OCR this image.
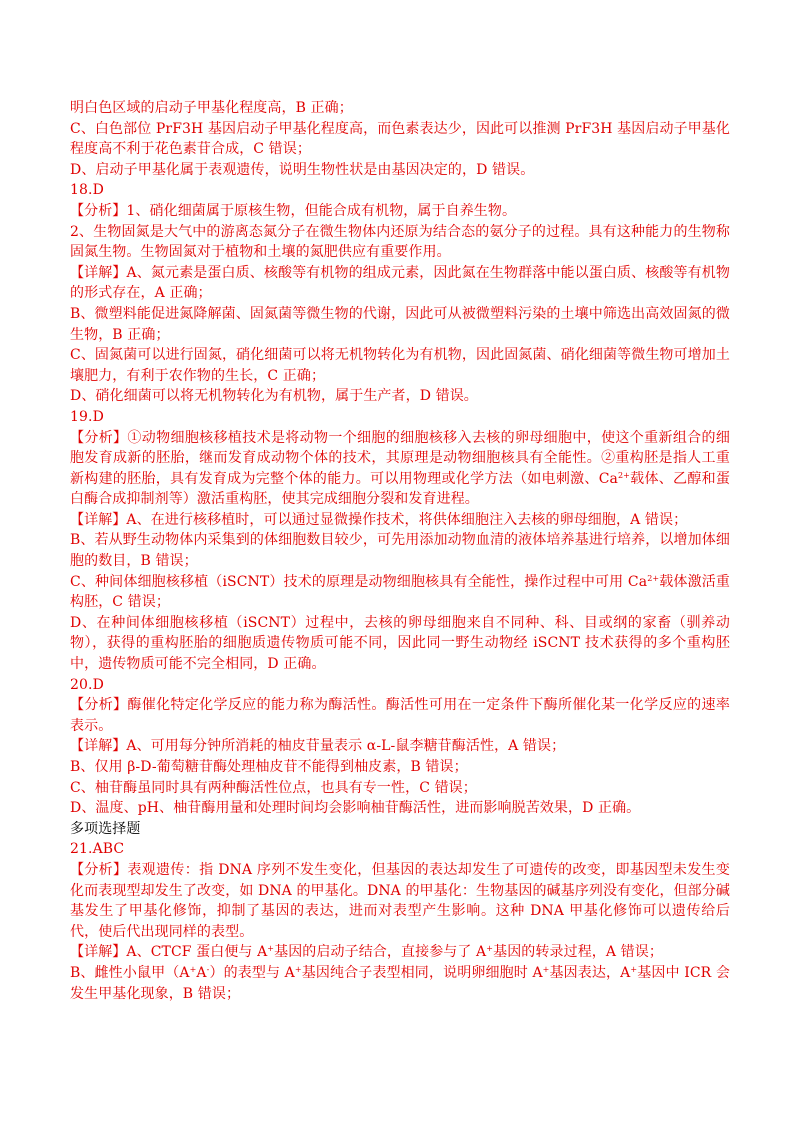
明白色区域的启动子甲基化程度高，B 正确；

C、白色部位 PrF3H 基因启动子甲基化程度高，而色素表达少，因此可以推测 PrF3H 基因启动子甲基化程度高不利于花色素苷合成，C 错误；

D、启动子甲基化属于表观遗传，说明生物性状是由基因决定的，D 错误。

18.D

【分析】1、硝化细菌属于原核生物，但能合成有机物，属于自养生物。

2、生物固氮是大气中的游离态氮分子在微生物体内还原为结合态的氨分子的过程。具有这种能力的生物称固氮生物。生物固氮对于植物和土壤的氮肥供应有重要作用。

【详解】A、氮元素是蛋白质、核酸等有机物的组成元素，因此氮在生物群落中能以蛋白质、核酸等有机物的形式存在，A 正确；

B、微塑料能促进氮降解菌、固氮菌等微生物的代谢，因此可从被微塑料污染的土壤中筛选出高效固氮的微生物，B 正确；

C、固氮菌可以进行固氮，硝化细菌可以将无机物转化为有机物，因此固氮菌、硝化细菌等微生物可增加土壤肥力，有利于农作物的生长，C 正确；

D、硝化细菌可以将无机物转化为有机物，属于生产者，D 错误。

19.D

【分析】①动物细胞核移植技术是将动物一个细胞的细胞核移入去核的卵母细胞中，使这个重新组合的细胞发育成新的胚胎，继而发育成动物个体的技术，其原理是动物细胞核具有全能性。②重构胚是指人工重新构建的胚胎，具有发育成为完整个体的能力。可以用物理或化学方法（如电刺激、$Ca^{2+}$载体、乙醇和蛋白酶合成抑制剂等）激活重构胚，使其完成细胞分裂和发育进程。

【详解】A、在进行核移植时，可以通过显微操作技术，将供体细胞注入去核的卵母细胞，A 错误；

B、若从野生动物体内采集到的体细胞数目较少，可先用添加动物血清的液体培养基进行培养，以增加体细胞的数目，B 错误；

C、种间体细胞核移植（iSCNT）技术的原理是动物细胞核具有全能性，操作过程中可用 $Ca^{2+}$载体激活重构胚，C 错误；

D、在种间体细胞核移植（iSCNT）过程中，去核的卵母细胞来自不同种、科、目或纲的家畜（驯养动物），获得的重构胚胎的细胞质遗传物质可能不同，因此同一野生动物经 iSCNT 技术获得的多个重构胚中，遗传物质可能不完全相同，D 正确。

20.D

【分析】酶催化特定化学反应的能力称为酶活性。酶活性可用在一定条件下酶所催化某一化学反应的速率表示。

【详解】A、可用每分钟所消耗的柚皮苷量表示 α-L-鼠李糖苷酶活性，A 错误；

B、仅用 β-D-葡萄糖苷酶处理柚皮苷不能得到柚皮素，B 错误；

C、柚苷酶虽同时具有两种酶活性位点，也具有专一性，C 错误；

D、温度、pH、柚苷酶用量和处理时间均会影响柚苷酶活性，进而影响脱苦效果，D 正确。

多项选择题

21.ABC

【分析】表观遗传：指 DNA 序列不发生变化，但基因的表达却发生了可遗传的改变，即基因型未发生变化而表现型却发生了改变，如 DNA 的甲基化。DNA 的甲基化：生物基因的碱基序列没有变化，但部分碱基发生了甲基化修饰，抑制了基因的表达，进而对表型产生影响。这种 DNA 甲基化修饰可以遗传给后代，使后代出现同样的表型。

【详解】A、CTCF 蛋白便与 A+基因的启动子结合，直接参与了 A+基因的转录过程，A 错误；

B、雌性小鼠甲（A+A-）的表型与 A+基因纯合子表型相同，说明卵细胞时 A+基因表达，A+基因中 ICR 会发生甲基化现象，B 错误；
